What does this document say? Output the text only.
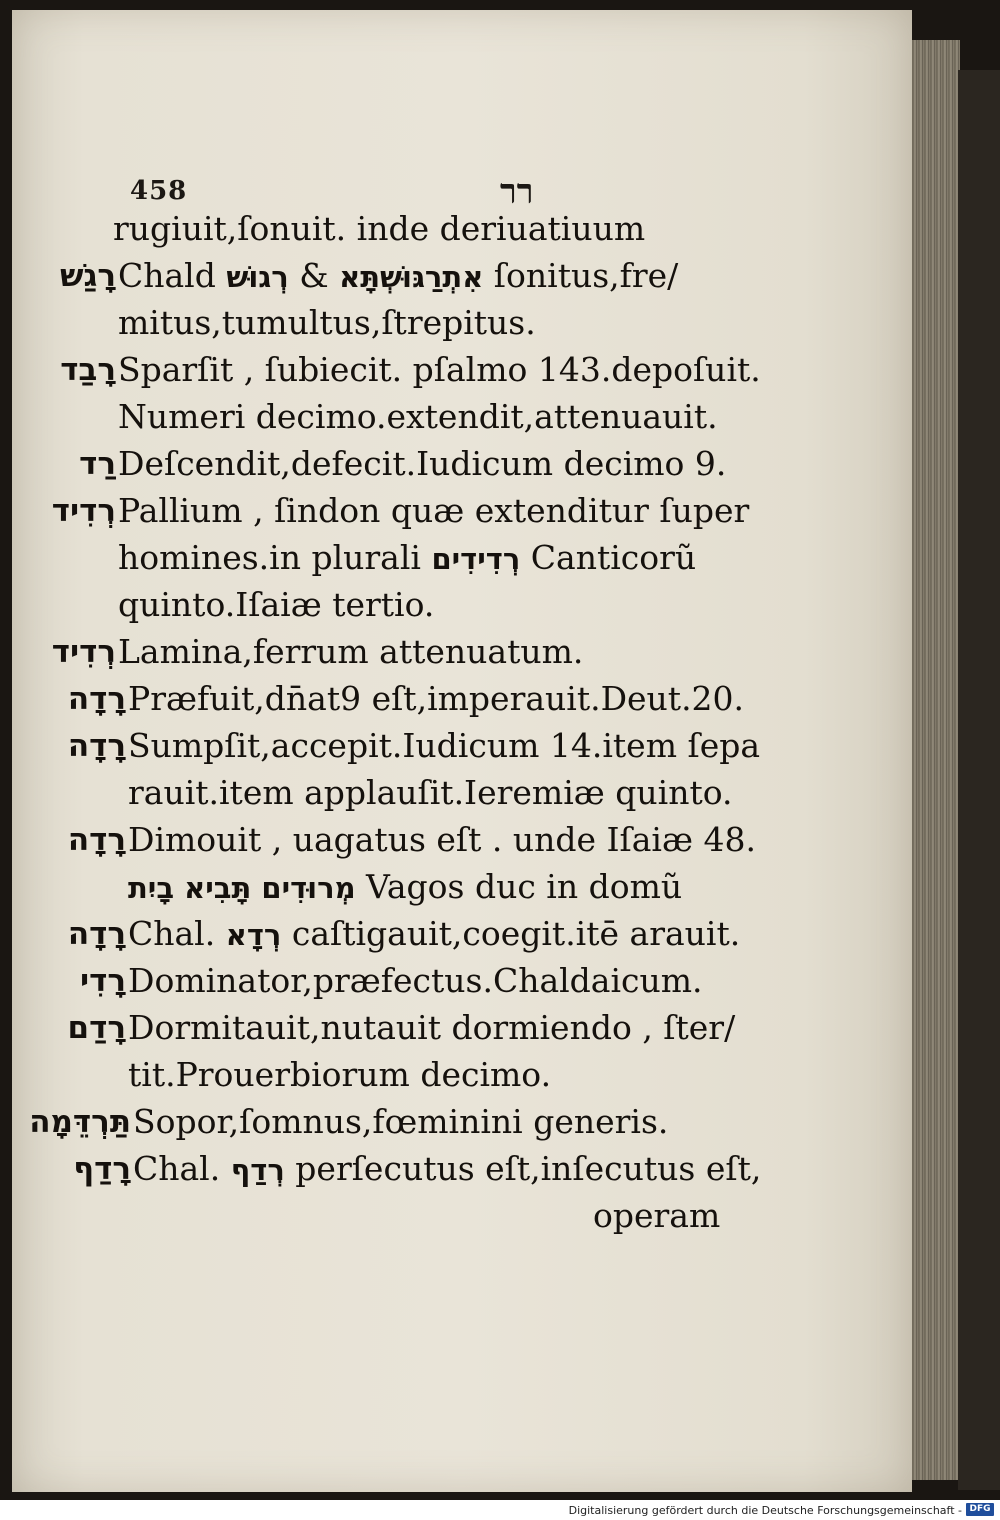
458	רר
rugiuit,ſonuit. inde deriuatiuum
רָגַשׁ Chald רְגוּשׁ & אִתְרַגּוּשְׁתָּא ſonitus,fre/
mitus,tumultus,ſtrepitus.
רָבַד Sparſit , ſubiecit. pſalmo 143.depoſuit.
Numeri decimo.extendit,attenuauit.
רַד Deſcendit,defecit.Iudicum decimo 9.
רְדִיד Pallium , ſindon quæ extenditur ſuper
homines.in plurali רְדִידִים Canticorũ
quinto.Iſaiæ tertio.
רְדִיד Lamina,ferrum attenuatum.
רָדָה Præfuit,dn̄at9 eſt,imperauit.Deut.20.
רָדָה Sumpſit,accepit.Iudicum 14.item ſepa
rauit.item applauſit.Ieremiæ quinto.
רָדָה Dimouit , uagatus eſt . unde Iſaiæ 48.
מְרוּדִים תָּבִיא בָיִת Vagos duc in domũ
רָדָה Chal. רְדָא caſtigauit,coegit.itē arauit.
רָדִי Dominator,præfectus.Chaldaicum.
רָדַם Dormitauit,nutauit dormiendo , ſter/
tit.Prouerbiorum decimo.
תַּרְדֵּמָה Sopor,ſomnus,fœminini generis.
רָדַף Chal. רְדַף perſecutus eſt,inſecutus eſt,
operam
Digitalisierung gefördert durch die Deutsche Forschungsgemeinschaft - DFG
